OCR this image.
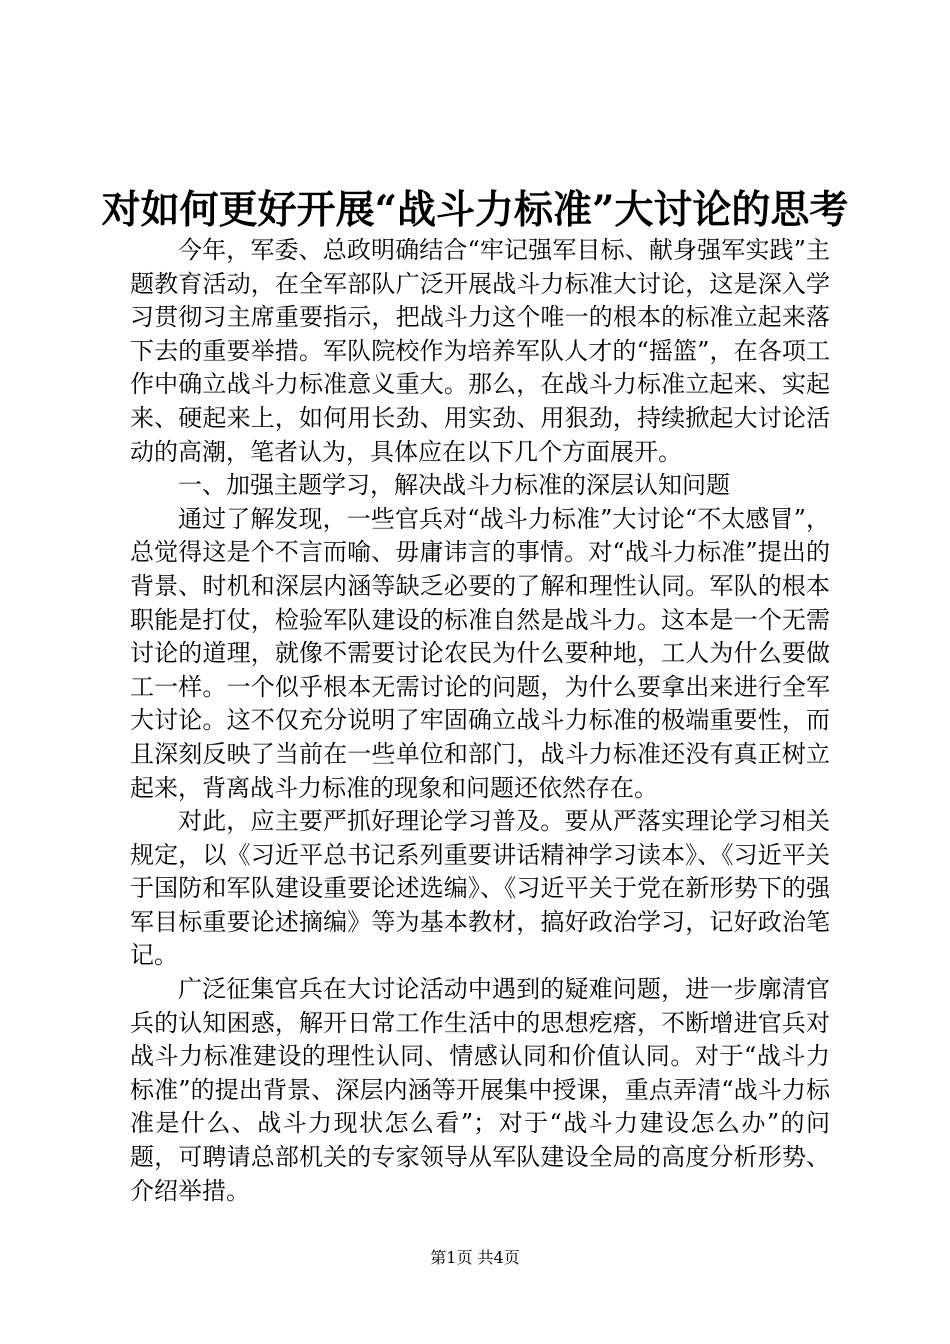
对如何更好开展“战斗力标准”大讨论的思考

今年，军委、总政明确结合“牢记强军目标、献身强军实践”主题教育活动，在全军部队广泛开展战斗力标准大讨论，这是深入学习贯彻习主席重要指示，把战斗力这个唯一的根本的标准立起来落下去的重要举措。军队院校作为培养军队人才的“摇篮”，在各项工作中确立战斗力标准意义重大。那么，在战斗力标准立起来、实起来、硬起来上，如何用长劲、用实劲、用狠劲，持续掀起大讨论活动的高潮，笔者认为，具体应在以下几个方面展开。

一、加强主题学习，解决战斗力标准的深层认知问题

通过了解发现，一些官兵对“战斗力标准”大讨论“不太感冒”，总觉得这是个不言而喻、毋庸讳言的事情。对“战斗力标准”提出的背景、时机和深层内涵等缺乏必要的了解和理性认同。军队的根本职能是打仗，检验军队建设的标准自然是战斗力。这本是一个无需讨论的道理，就像不需要讨论农民为什么要种地，工人为什么要做工一样。一个似乎根本无需讨论的问题，为什么要拿出来进行全军大讨论。这不仅充分说明了牢固确立战斗力标准的极端重要性，而且深刻反映了当前在一些单位和部门，战斗力标准还没有真正树立起来，背离战斗力标准的现象和问题还依然存在。

对此，应主要严抓好理论学习普及。要从严落实理论学习相关规定，以《习近平总书记系列重要讲话精神学习读本》、《习近平关于国防和军队建设重要论述选编》、《习近平关于党在新形势下的强军目标重要论述摘编》等为基本教材，搞好政治学习，记好政治笔记。

广泛征集官兵在大讨论活动中遇到的疑难问题，进一步廓清官兵的认知困惑，解开日常工作生活中的思想疙瘩，不断增进官兵对战斗力标准建设的理性认同、情感认同和价值认同。对于“战斗力标准”的提出背景、深层内涵等开展集中授课，重点弄清“战斗力标准是什么、战斗力现状怎么看”；对于“战斗力建设怎么办”的问题，可聘请总部机关的专家领导从军队建设全局的高度分析形势、介绍举措。

第1页 共4页
